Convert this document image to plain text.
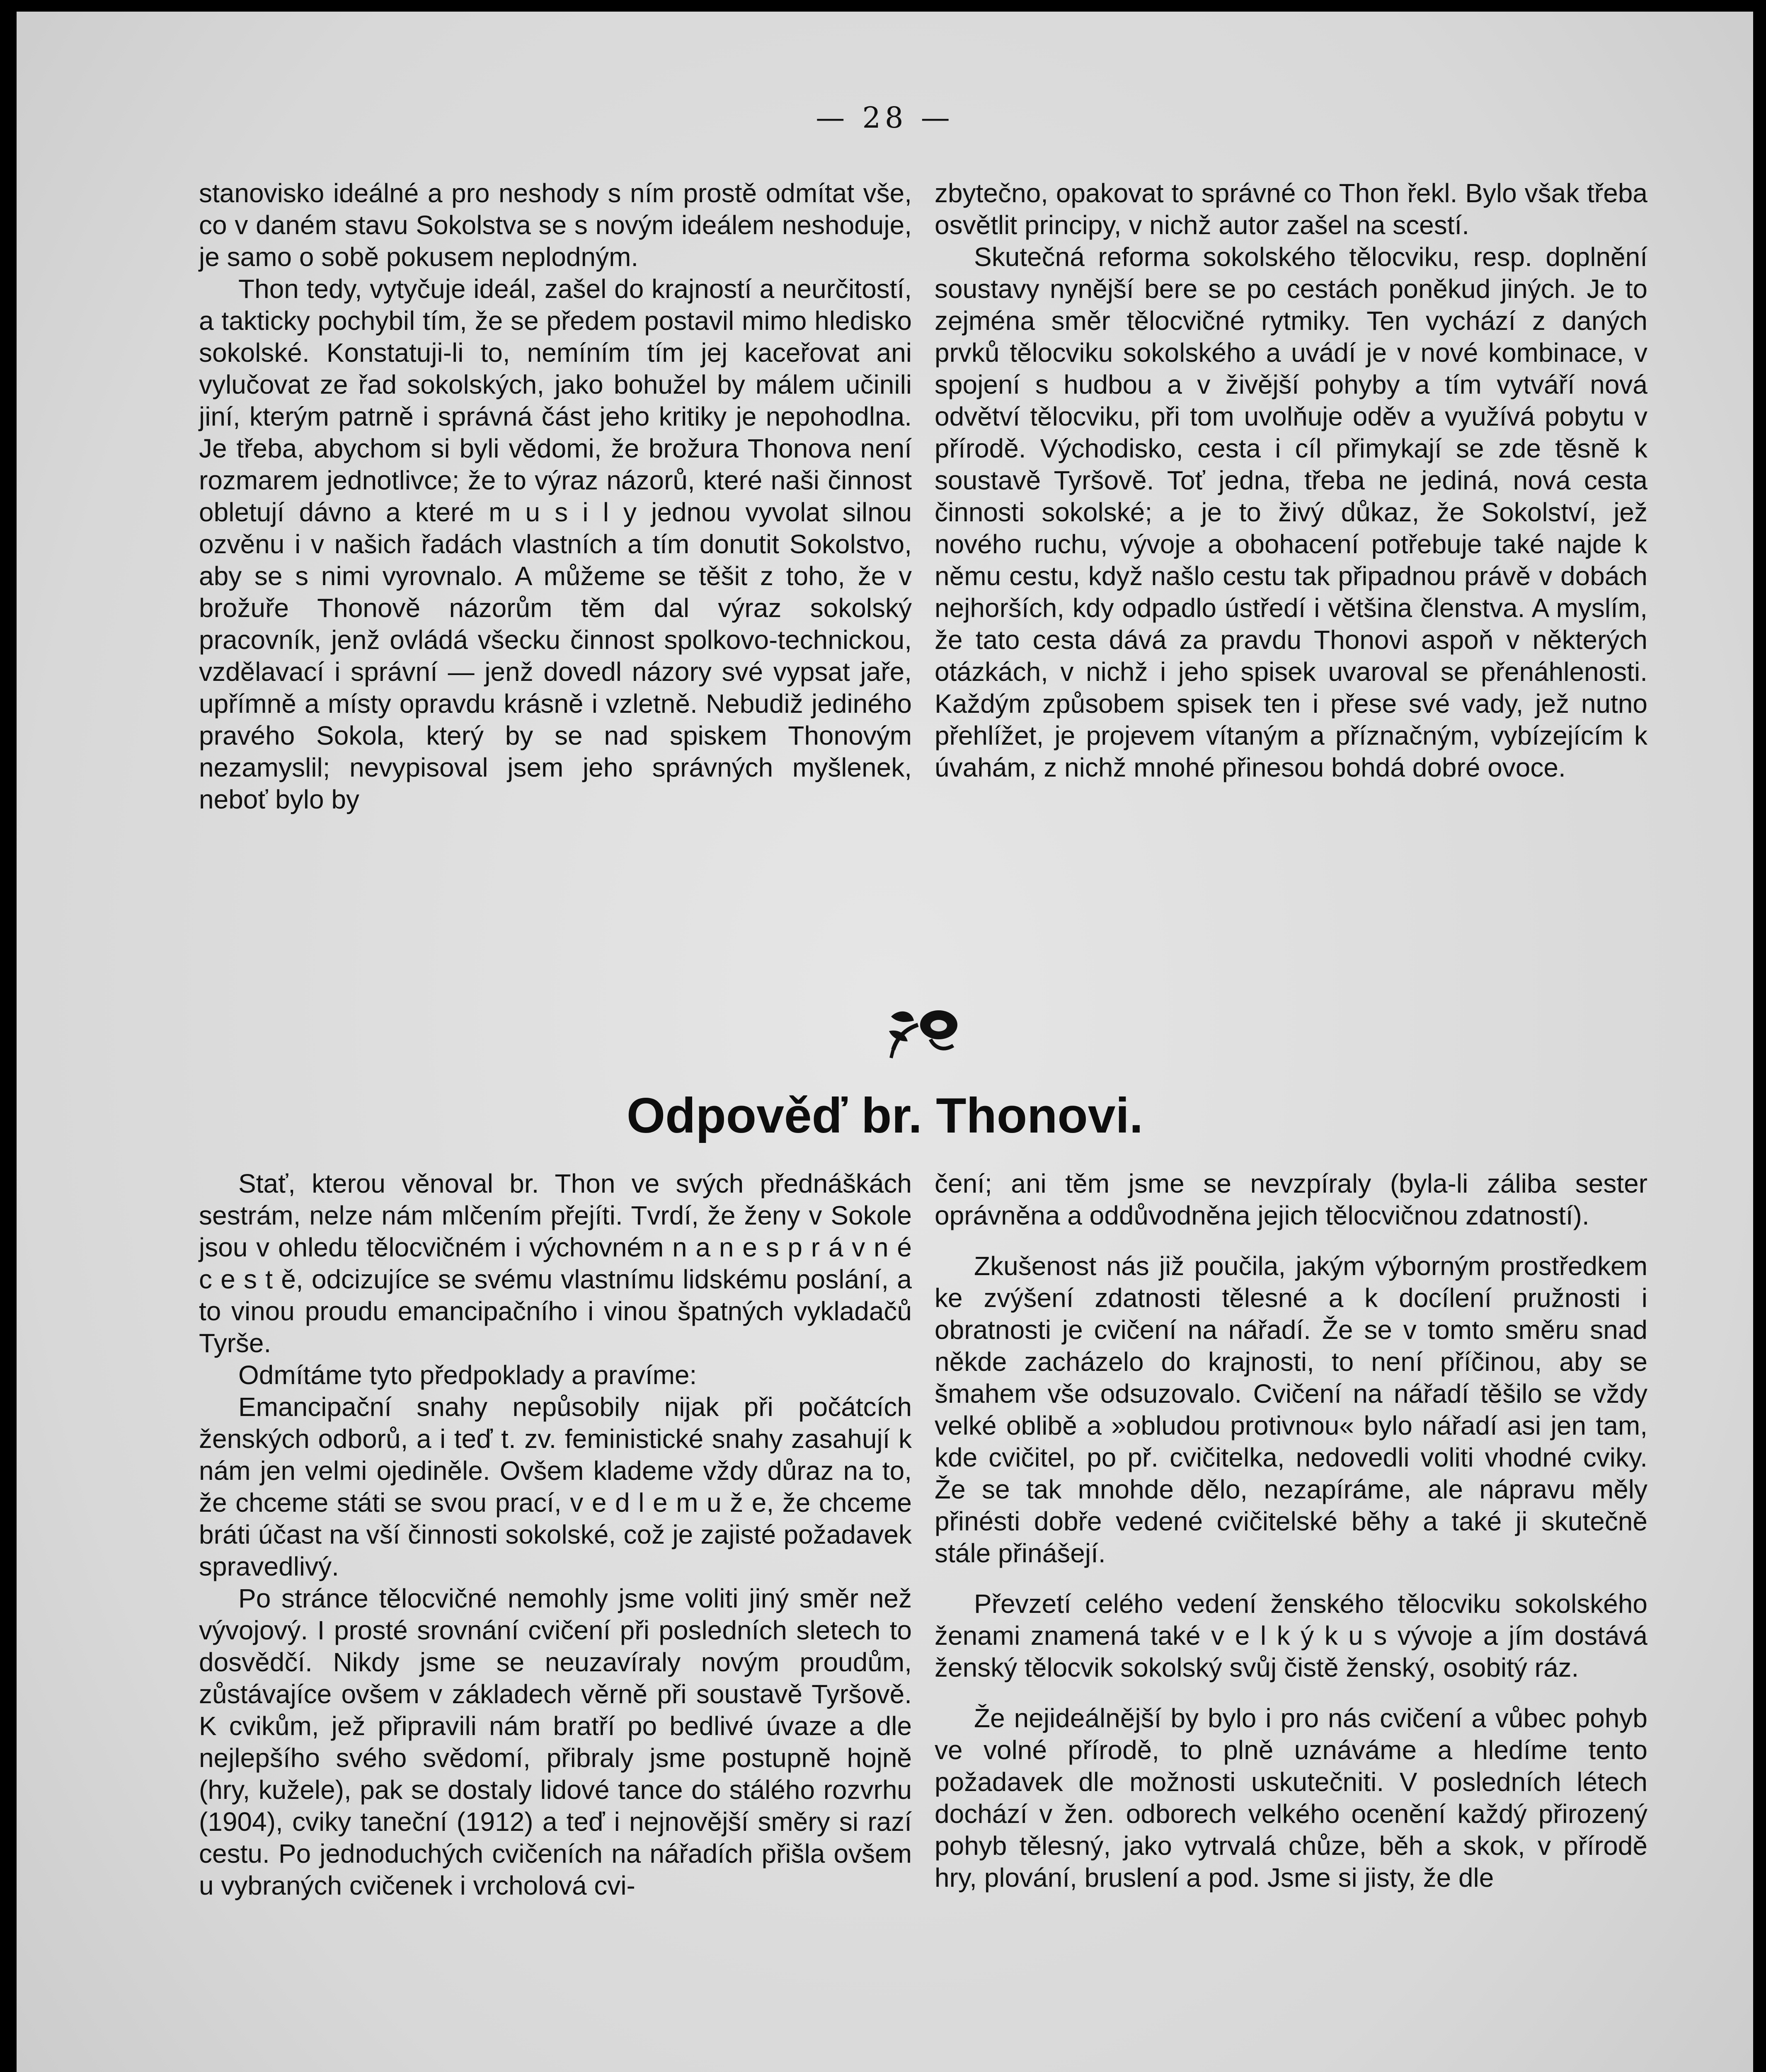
— 28 —

stanovisko ideálné a pro neshody s ním prostě odmítat vše, co v daném stavu Sokolstva se s novým ideálem neshoduje, je samo o sobě pokusem neplodným.

Thon tedy, vytyčuje ideál, zašel do krajností a neurčitostí, a takticky pochybil tím, že se předem postavil mimo hledisko sokolské. Konstatuji-li to, nemíním tím jej kaceřovat ani vylučovat ze řad sokolských, jako bohužel by málem učinili jiní, kterým patrně i správná část jeho kritiky je nepohodlna. Je třeba, abychom si byli vědomi, že brožura Thonova není rozmarem jednotlivce; že to výraz názorů, které naši činnost obletují dávno a které m u s i l y jednou vyvolat silnou ozvěnu i v našich řadách vlastních a tím donutit Sokolstvo, aby se s nimi vyrovnalo. A můžeme se těšit z toho, že v brožuře Thonově názorům těm dal výraz sokolský pracovník, jenž ovládá všecku činnost spolkovo-technickou, vzdělavací i správní — jenž dovedl názory své vypsat jaře, upřímně a místy opravdu krásně i vzletně. Nebudiž jediného pravého Sokola, který by se nad spiskem Thonovým nezamyslil; nevypisoval jsem jeho správných myšlenek, neboť bylo by

zbytečno, opakovat to správné co Thon řekl. Bylo však třeba osvětlit principy, v nichž autor zašel na scestí.

Skutečná reforma sokolského tělocviku, resp. doplnění soustavy nynější bere se po cestách poněkud jiných. Je to zejména směr tělocvičné rytmiky. Ten vychází z daných prvků tělocviku sokolského a uvádí je v nové kombinace, v spojení s hudbou a v živější pohyby a tím vytváří nová odvětví tělocviku, při tom uvolňuje oděv a využívá pobytu v přírodě. Východisko, cesta i cíl přimykají se zde těsně k soustavě Tyršově. Toť jedna, třeba ne jediná, nová cesta činnosti sokolské; a je to živý důkaz, že Sokolství, jež nového ruchu, vývoje a obohacení potřebuje také najde k němu cestu, když našlo cestu tak připadnou právě v dobách nejhorších, kdy odpadlo ústředí i většina členstva. A myslím, že tato cesta dává za pravdu Thonovi aspoň v některých otázkách, v nichž i jeho spisek uvaroval se přenáhlenosti. Každým způsobem spisek ten i přese své vady, jež nutno přehlížet, je projevem vítaným a příznačným, vybízejícím k úvahám, z nichž mnohé přinesou bohdá dobré ovoce.

Odpověď br. Thonovi.

Stať, kterou věnoval br. Thon ve svých přednáškách sestrám, nelze nám mlčením přejíti. Tvrdí, že ženy v Sokole jsou v ohledu tělocvičném i výchovném n a n e s p r á v n é c e s t ě, odcizujíce se svému vlastnímu lidskému poslání, a to vinou proudu emancipačního i vinou špatných vykladačů Tyrše.

Odmítáme tyto předpoklady a pravíme:

Emancipační snahy nepůsobily nijak při počátcích ženských odborů, a i teď t. zv. feministické snahy zasahují k nám jen velmi ojediněle. Ovšem klademe vždy důraz na to, že chceme státi se svou prací, v e d l e m u ž e, že chceme bráti účast na vší činnosti sokolské, což je zajisté požadavek spravedlivý.

Po stránce tělocvičné nemohly jsme voliti jiný směr než vývojový. I prosté srovnání cvičení při posledních sletech to dosvědčí. Nikdy jsme se neuzavíraly novým proudům, zůstávajíce ovšem v základech věrně při soustavě Tyršově. K cvikům, jež připravili nám bratří po bedlivé úvaze a dle nejlepšího svého svědomí, přibraly jsme postupně hojně (hry, kuželе), pak se dostaly lidové tance do stálého rozvrhu (1904), cviky taneční (1912) a teď i nejnovější směry si razí cestu. Po jednoduchých cvičeních na nářadích přišla ovšem u vybraných cvičenek i vrcholová cvi-

čení; ani těm jsme se nevzpíraly (byla-li záliba sester oprávněna a oddůvodněna jejich tělocvičnou zdatností).

Zkušenost nás již poučila, jakým výborným prostředkem ke zvýšení zdatnosti tělesné a k docílení pružnosti i obratnosti je cvičení na nářadí. Že se v tomto směru snad někde zacházelo do krajnosti, to není příčinou, aby se šmahem vše odsuzovalo. Cvičení na nářadí těšilo se vždy velké oblibě a »obludou protivnou« bylo nářadí asi jen tam, kde cvičitel, po př. cvičitelka, nedovedli voliti vhodné cviky. Že se tak mnohde dělo, nezapíráme, ale nápravu měly přinésti dobře vedené cvičitelské běhy a také ji skutečně stále přinášejí.

Převzetí celého vedení ženského tělocviku sokolského ženami znamená také v e l k ý k u s vývoje a jím dostává ženský tělocvik sokolský svůj čistě ženský, osobitý ráz.

Že nejideálnější by bylo i pro nás cvičení a vůbec pohyb ve volné přírodě, to plně uznáváme a hledíme tento požadavek dle možnosti uskutečniti. V posledních létech dochází v žen. odborech velkého ocenění každý přirozený pohyb tělesný, jako vytrvalá chůze, běh a skok, v přírodě hry, plování, bruslení a pod. Jsme si jisty, že dle
